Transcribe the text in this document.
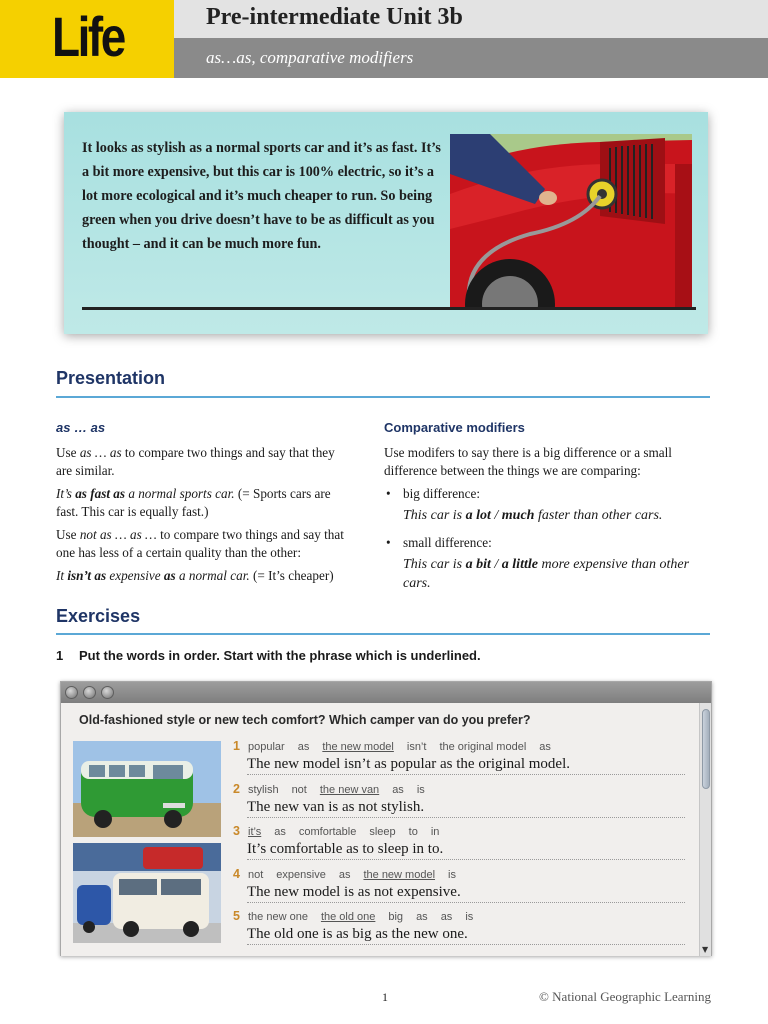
Life	Pre-intermediate Unit 3b
as…as, comparative modifiers
It looks as stylish as a normal sports car and it’s as fast. It’s a bit more expensive, but this car is 100% electric, so it’s a lot more ecological and it’s much cheaper to run. So being green when you drive doesn’t have to be as difficult as you thought – and it can be much more fun.
Presentation
as … as

Use as … as to compare two things and say that they are similar.

It’s as fast as a normal sports car. (= Sports cars are fast. This car is equally fast.)

Use not as … as … to compare two things and say that one has less of a certain quality than the other:

It isn’t as expensive as a normal car. (= It’s cheaper)

Comparative modifiers

Use modifers to say there is a big difference or a small difference between the things we are comparing:

• big difference:
This car is a lot / much faster than other cars.
• small difference:
This car is a bit / a little more expensive than other cars.
Exercises
1 Put the words in order. Start with the phrase which is underlined.
Old-fashioned style or new tech comfort? Which camper van do you prefer?
1 popular as the new model isn’t the original model as
The new model isn’t as popular as the original model.
2 stylish not the new van as is
The new van is as not stylish.
3 it’s as comfortable sleep to in
It’s comfortable as to sleep in to.
4 not expensive as the new model is
The new model is as not expensive.
5 the new one the old one big as as is
The old one is as big as the new one.
▼
1	© National Geographic Learning
